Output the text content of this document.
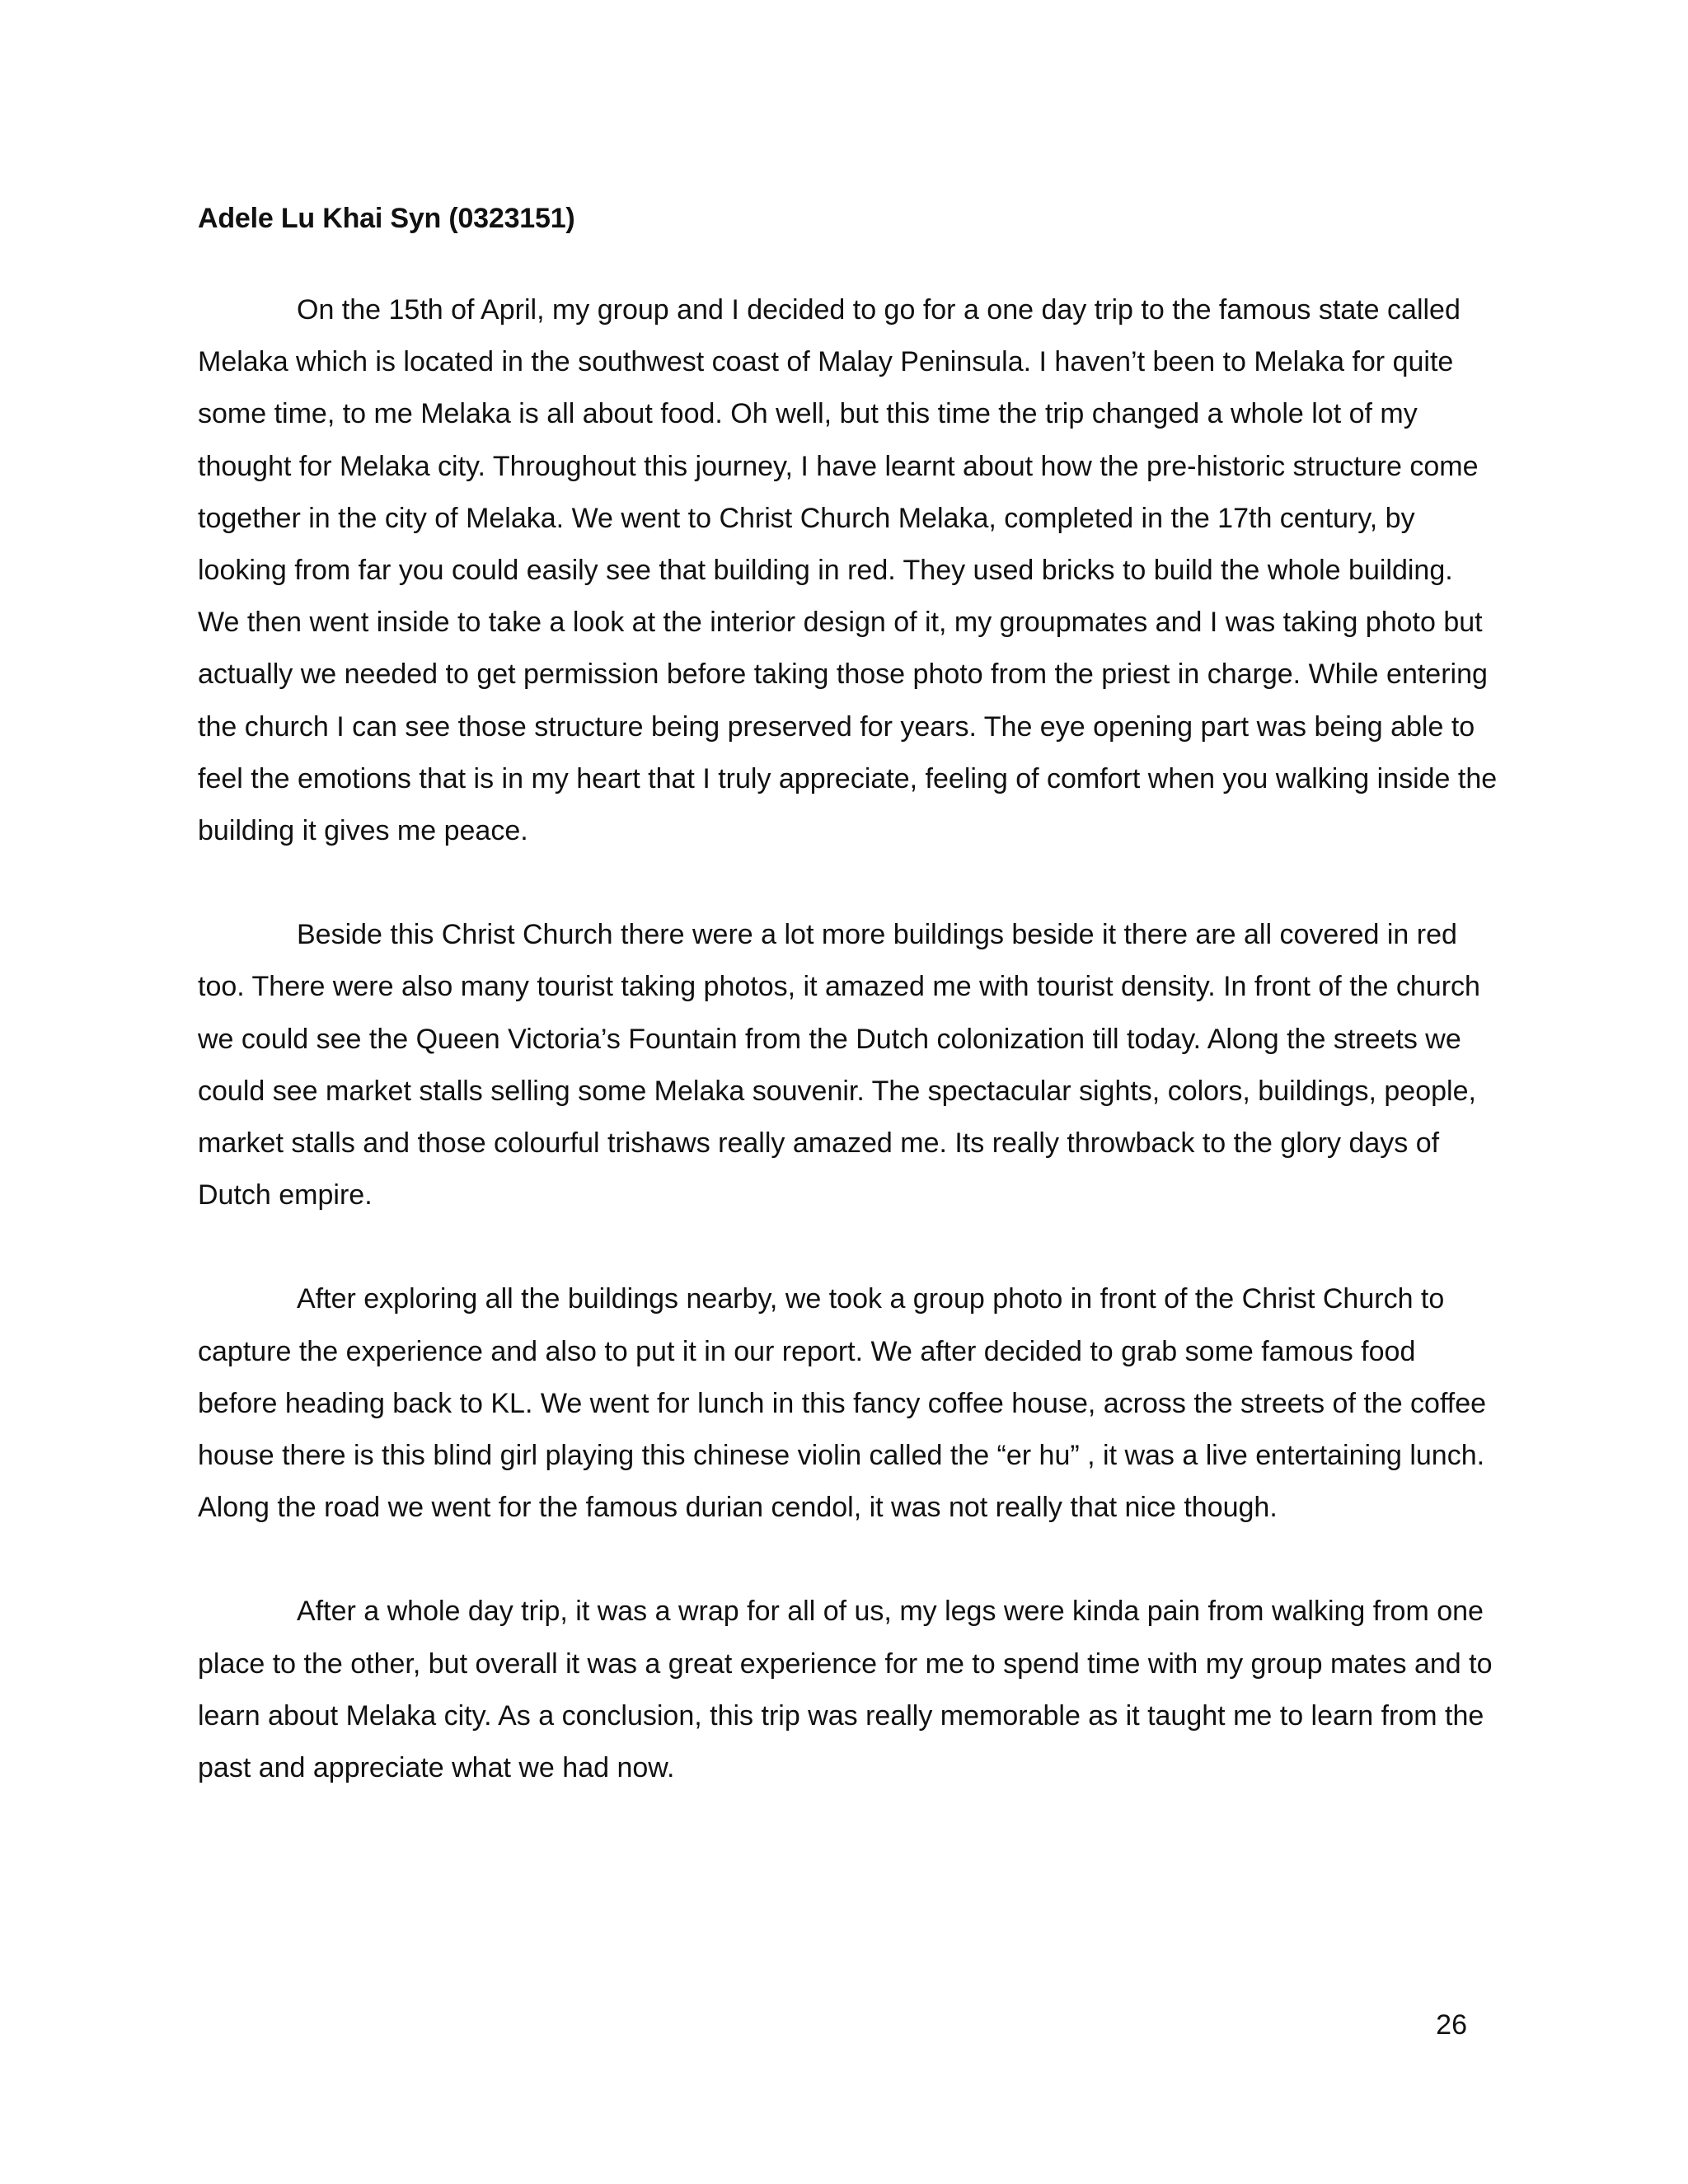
Adele Lu Khai Syn (0323151)

On the 15th of April, my group and I decided to go for a one day trip to the famous state called Melaka which is located in the southwest coast of Malay Peninsula. I haven’t been to Melaka for quite some time, to me Melaka is all about food. Oh well, but this time the trip changed a whole lot of my thought for Melaka city. Throughout this journey, I have learnt about how the pre-historic structure come together in the city of Melaka. We went to Christ Church Melaka, completed in the 17th century, by looking from far you could easily see that building in red. They used bricks to build the whole building. We then went inside to take a look at the interior design of it, my groupmates and I was taking photo but actually we needed to get permission before taking those photo from the priest in charge. While entering the church I can see those structure being preserved for years. The eye opening part was being able to feel the emotions that is in my heart that I truly appreciate, feeling of comfort when you walking inside the building it gives me peace.

Beside this Christ Church there were a lot more buildings beside it there are all covered in red too. There were also many tourist taking photos, it amazed me with tourist density. In front of the church we could see the Queen Victoria’s Fountain from the Dutch colonization till today. Along the streets we could see market stalls selling some Melaka souvenir. The spectacular sights, colors, buildings, people, market stalls and those colourful trishaws really amazed me. Its really throwback to the glory days of Dutch empire.

After exploring all the buildings nearby, we took a group photo in front of the Christ Church to capture the experience and also to put it in our report. We after decided to grab some famous food before heading back to KL. We went for lunch in this fancy coffee house, across the streets of the coffee house there is this blind girl playing this chinese violin called the “er hu” , it was a live entertaining lunch. Along the road we went for the famous durian cendol, it was not really that nice though.

After a whole day trip, it was a wrap for all of us, my legs were kinda pain from walking from one place to the other, but overall it was a great experience for me to spend time with my group mates and to learn about Melaka city. As a conclusion, this trip was really memorable as it taught me to learn from the past and appreciate what we had now.

26
